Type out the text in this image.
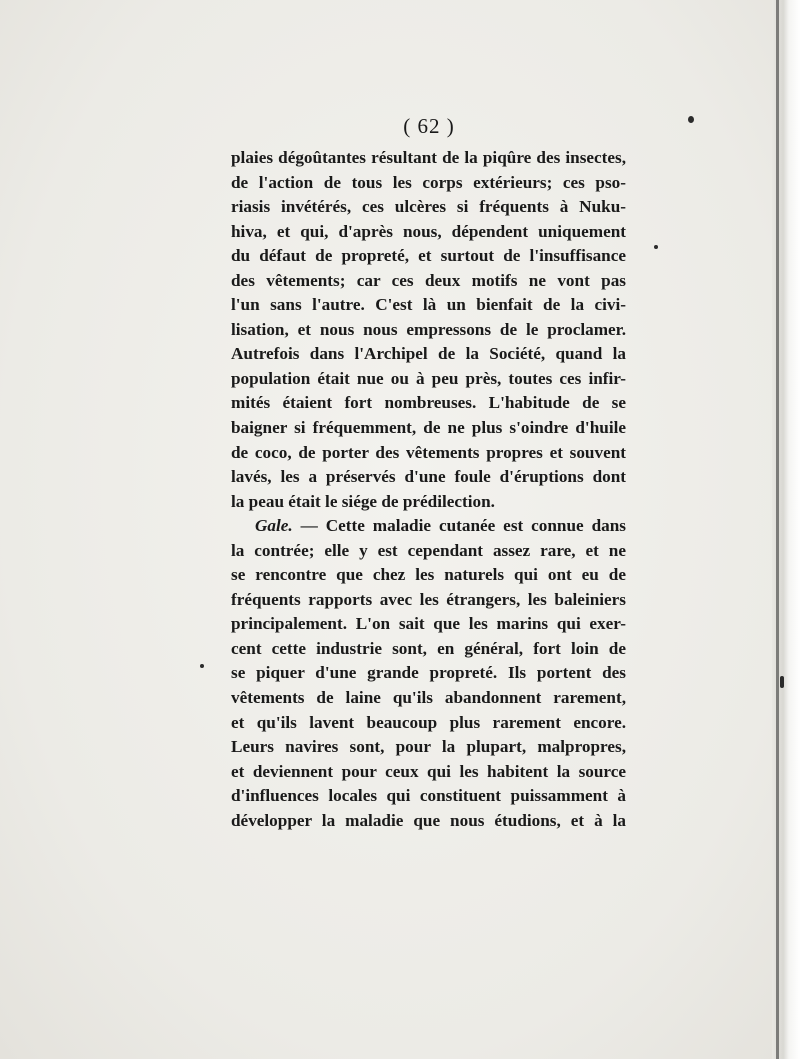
( 62 )
plaies dégoûtantes résultant de la piqûre des insectes,
de l'action de tous les corps extérieurs; ces pso-
riasis invétérés, ces ulcères si fréquents à Nuku-
hiva, et qui, d'après nous, dépendent uniquement
du défaut de propreté, et surtout de l'insuffisance
des vêtements; car ces deux motifs ne vont pas
l'un sans l'autre. C'est là un bienfait de la civi-
lisation, et nous nous empressons de le proclamer.
Autrefois dans l'Archipel de la Société, quand la
population était nue ou à peu près, toutes ces infir-
mités étaient fort nombreuses. L'habitude de se
baigner si fréquemment, de ne plus s'oindre d'huile
de coco, de porter des vêtements propres et souvent
lavés, les a préservés d'une foule d'éruptions dont
la peau était le siége de prédilection.
Gale. — Cette maladie cutanée est connue dans
la contrée; elle y est cependant assez rare, et ne
se rencontre que chez les naturels qui ont eu de
fréquents rapports avec les étrangers, les baleiniers
principalement. L'on sait que les marins qui exer-
cent cette industrie sont, en général, fort loin de
se piquer d'une grande propreté. Ils portent des
vêtements de laine qu'ils abandonnent rarement,
et qu'ils lavent beaucoup plus rarement encore.
Leurs navires sont, pour la plupart, malpropres,
et deviennent pour ceux qui les habitent la source
d'influences locales qui constituent puissamment à
développer la maladie que nous étudions, et à la
